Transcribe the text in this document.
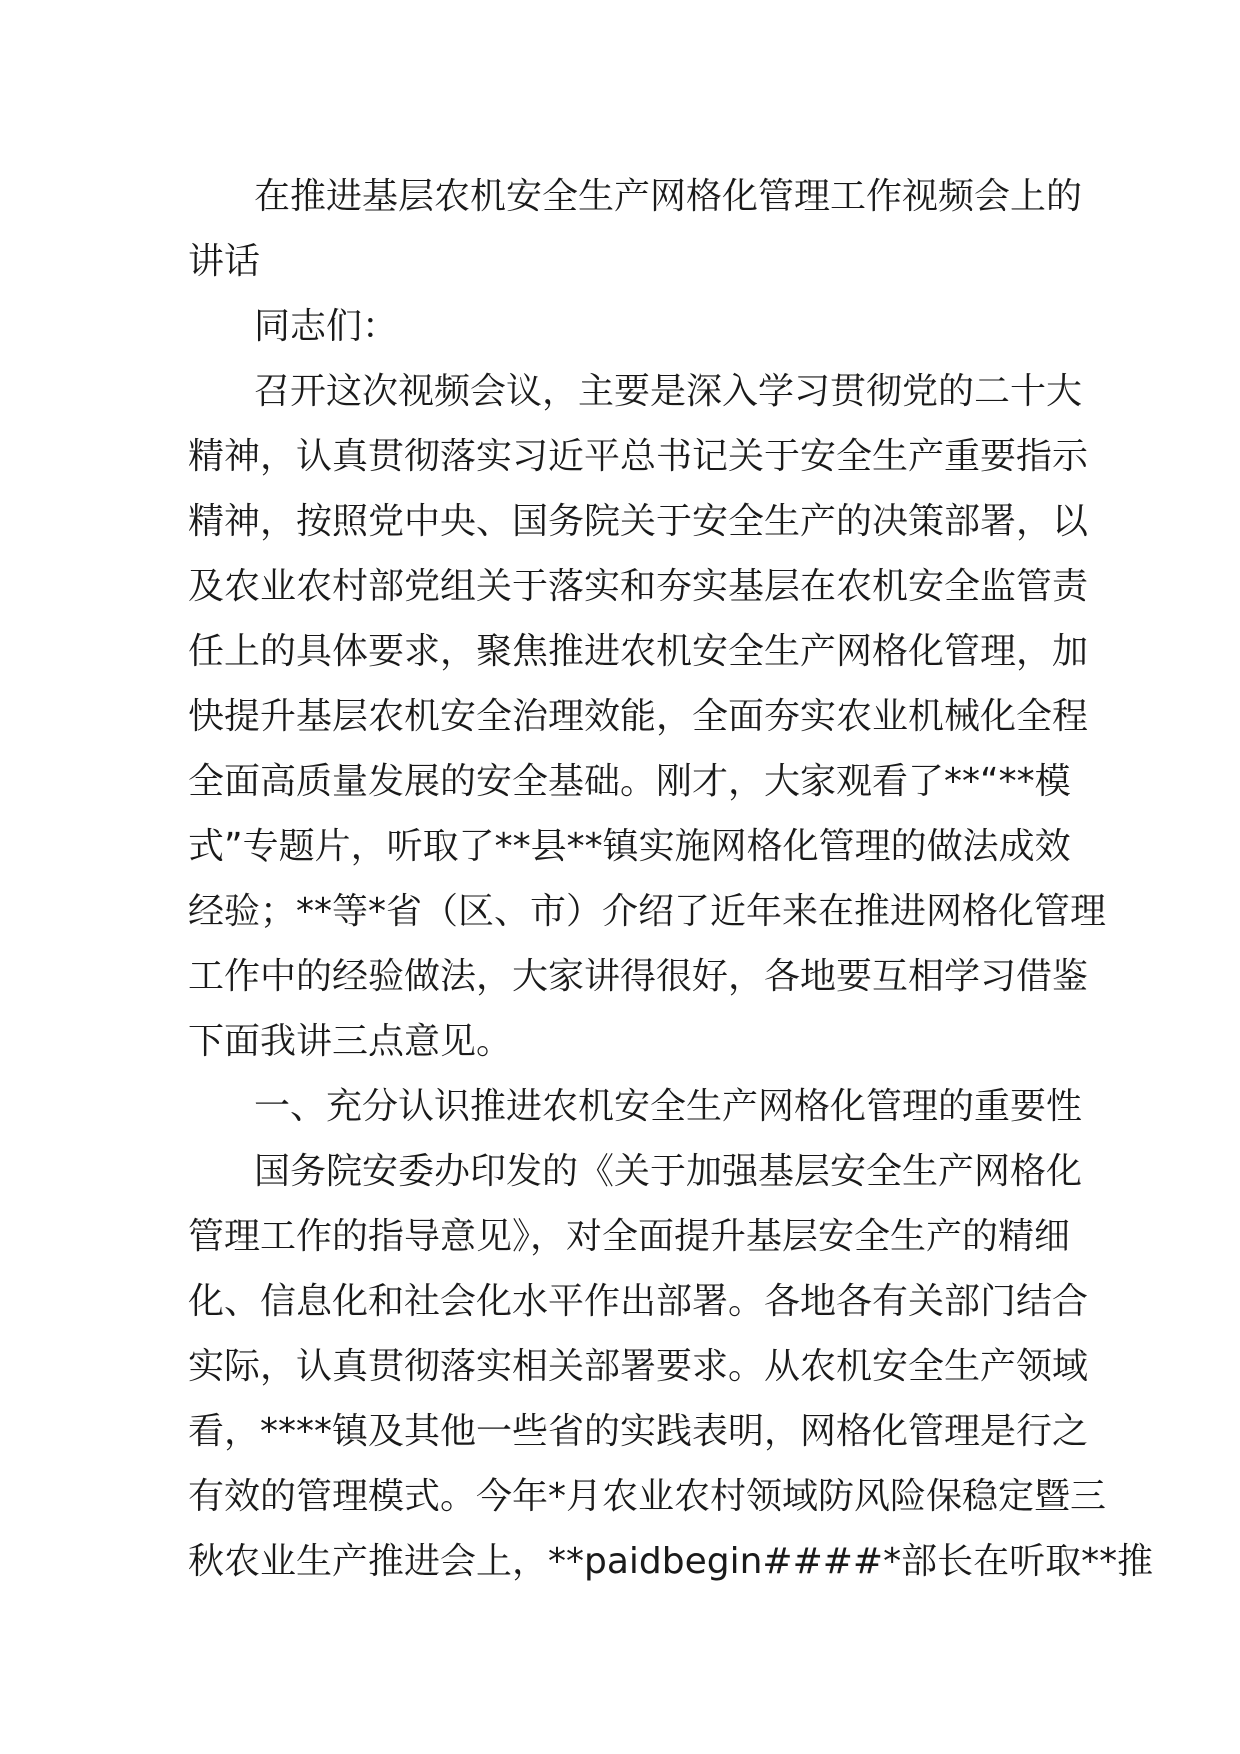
在推进基层农机安全生产网格化管理工作视频会上的
讲话
同志们：
召开这次视频会议，主要是深入学习贯彻党的二十大
精神，认真贯彻落实习近平总书记关于安全生产重要指示
精神，按照党中央、国务院关于安全生产的决策部署，以
及农业农村部党组关于落实和夯实基层在农机安全监管责
任上的具体要求，聚焦推进农机安全生产网格化管理，加
快提升基层农机安全治理效能，全面夯实农业机械化全程
全面高质量发展的安全基础。刚才，大家观看了**“**模
式”专题片，听取了**县**镇实施网格化管理的做法成效
经验；**等*省（区、市）介绍了近年来在推进网格化管理
工作中的经验做法，大家讲得很好，各地要互相学习借鉴
下面我讲三点意见。
一、充分认识推进农机安全生产网格化管理的重要性
国务院安委办印发的《关于加强基层安全生产网格化
管理工作的指导意见》，对全面提升基层安全生产的精细
化、信息化和社会化水平作出部署。各地各有关部门结合
实际，认真贯彻落实相关部署要求。从农机安全生产领域
看，****镇及其他一些省的实践表明，网格化管理是行之
有效的管理模式。今年*月农业农村领域防风险保稳定暨三
秋农业生产推进会上，**paidbegin####*部长在听取**推
